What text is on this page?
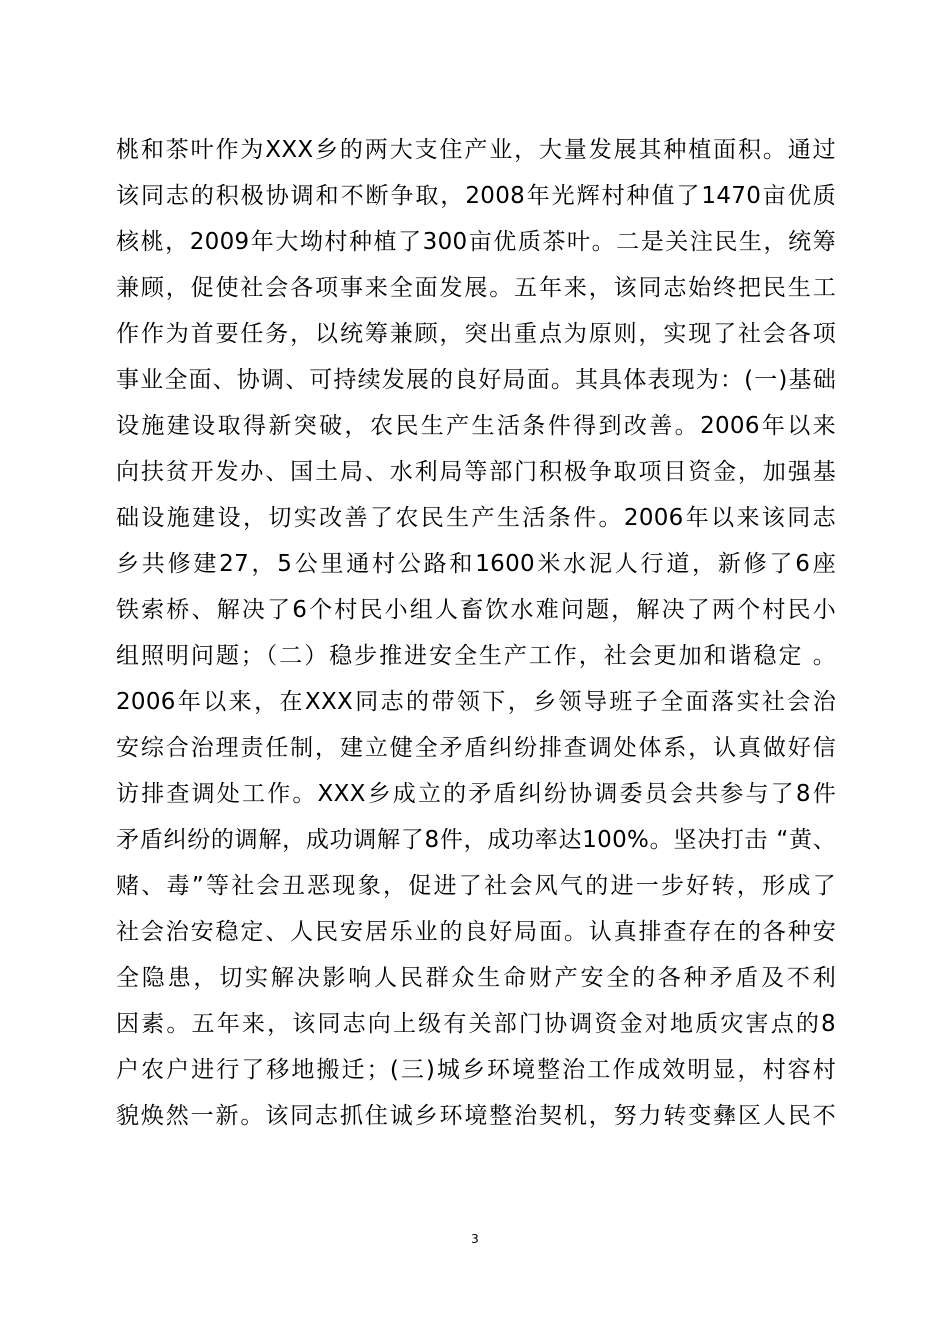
桃和茶叶作为XXX乡的两大支住产业，大量发展其种植面积。通过
该同志的积极协调和不断争取，2008年光辉村种值了1470亩优质
核桃，2009年大坳村种植了300亩优质茶叶。二是关注民生，统筹
兼顾，促使社会各项事来全面发展。五年来，该同志始终把民生工
作作为首要任务，以统筹兼顾，突出重点为原则，实现了社会各项
事业全面、协调、可持续发展的良好局面。其具体表现为：(一)基础
设施建设取得新突破，农民生产生活条件得到改善。2006年以来
向扶贫开发办、国土局、水利局等部门积极争取项目资金，加强基
础设施建设，切实改善了农民生产生活条件。2006年以来该同志
乡共修建27，5公里通村公路和1600米水泥人行道，新修了6座
铁索桥、解决了6个村民小组人畜饮水难问题，解决了两个村民小
组照明问题；（二）稳步推进安全生产工作，社会更加和谐稳定 。
2006年以来，在XXX同志的带领下，乡领导班子全面落实社会治
安综合治理责任制，建立健全矛盾纠纷排查调处体系，认真做好信
访排查调处工作。XXX乡成立的矛盾纠纷协调委员会共参与了8件
矛盾纠纷的调解，成功调解了8件，成功率达100%。坚决打击 “黄、
赌、毒”等社会丑恶现象，促进了社会风气的进一步好转，形成了
社会治安稳定、人民安居乐业的良好局面。认真排查存在的各种安
全隐患，切实解决影响人民群众生命财产安全的各种矛盾及不利
因素。五年来，该同志向上级有关部门协调资金对地质灾害点的8
户农户进行了移地搬迁；(三)城乡环境整治工作成效明显，村容村
貌焕然一新。该同志抓住诚乡环境整治契机，努力转变彝区人民不
3
